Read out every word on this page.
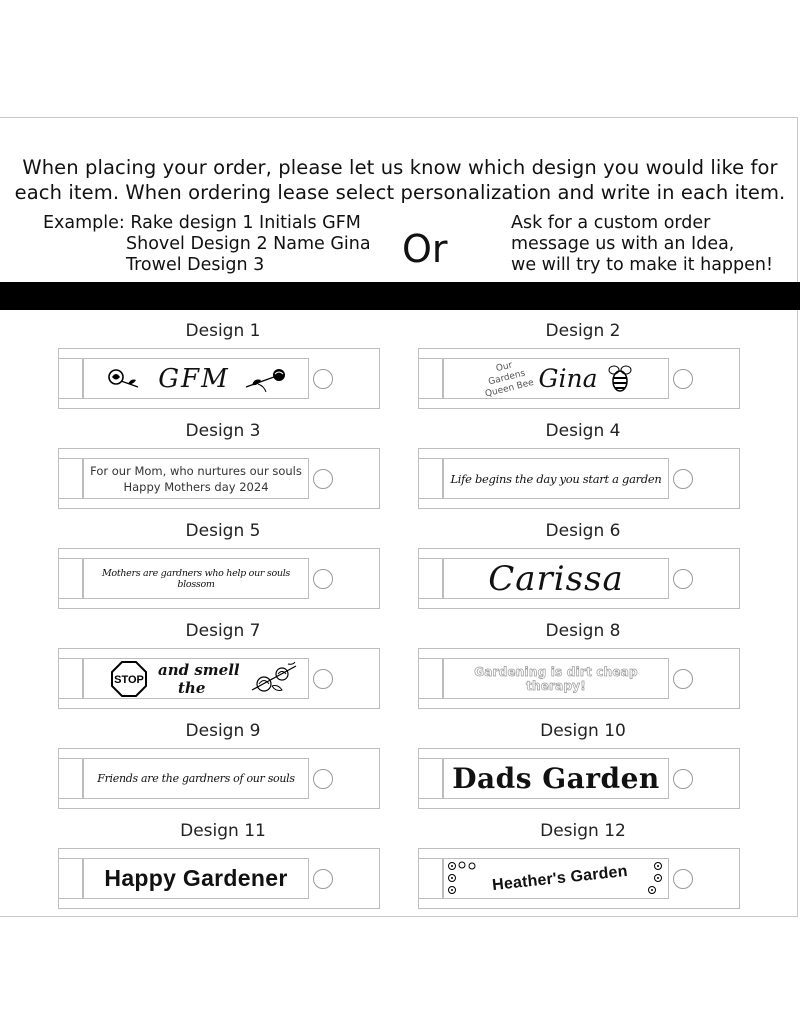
When placing your order, please let us know which design you would like for
each item. When ordering lease select personalization and write in each item.
Example: Rake design 1 Initials GFM
Shovel Design 2 Name Gina
Trowel Design 3	Or
Ask for a custom order
message us with an Idea,
we will try to make it happen!
Design 1
GFM
Design 2
Our Gardens Queen Bee Gina
Design 3
For our Mom, who nurtures our souls
Happy Mothers day 2024
Design 4
Life begins the day you start a garden
Design 5
Mothers are gardners who help our souls blossom
Design 6
Carissa
Design 7
STOP
and smell
the
Design 8
Gardening is dirt cheap therapy!
Design 9
Friends are the gardners of our souls
Design 10
Dads Garden
Design 11
Happy Gardener
Design 12
Heather's Garden
